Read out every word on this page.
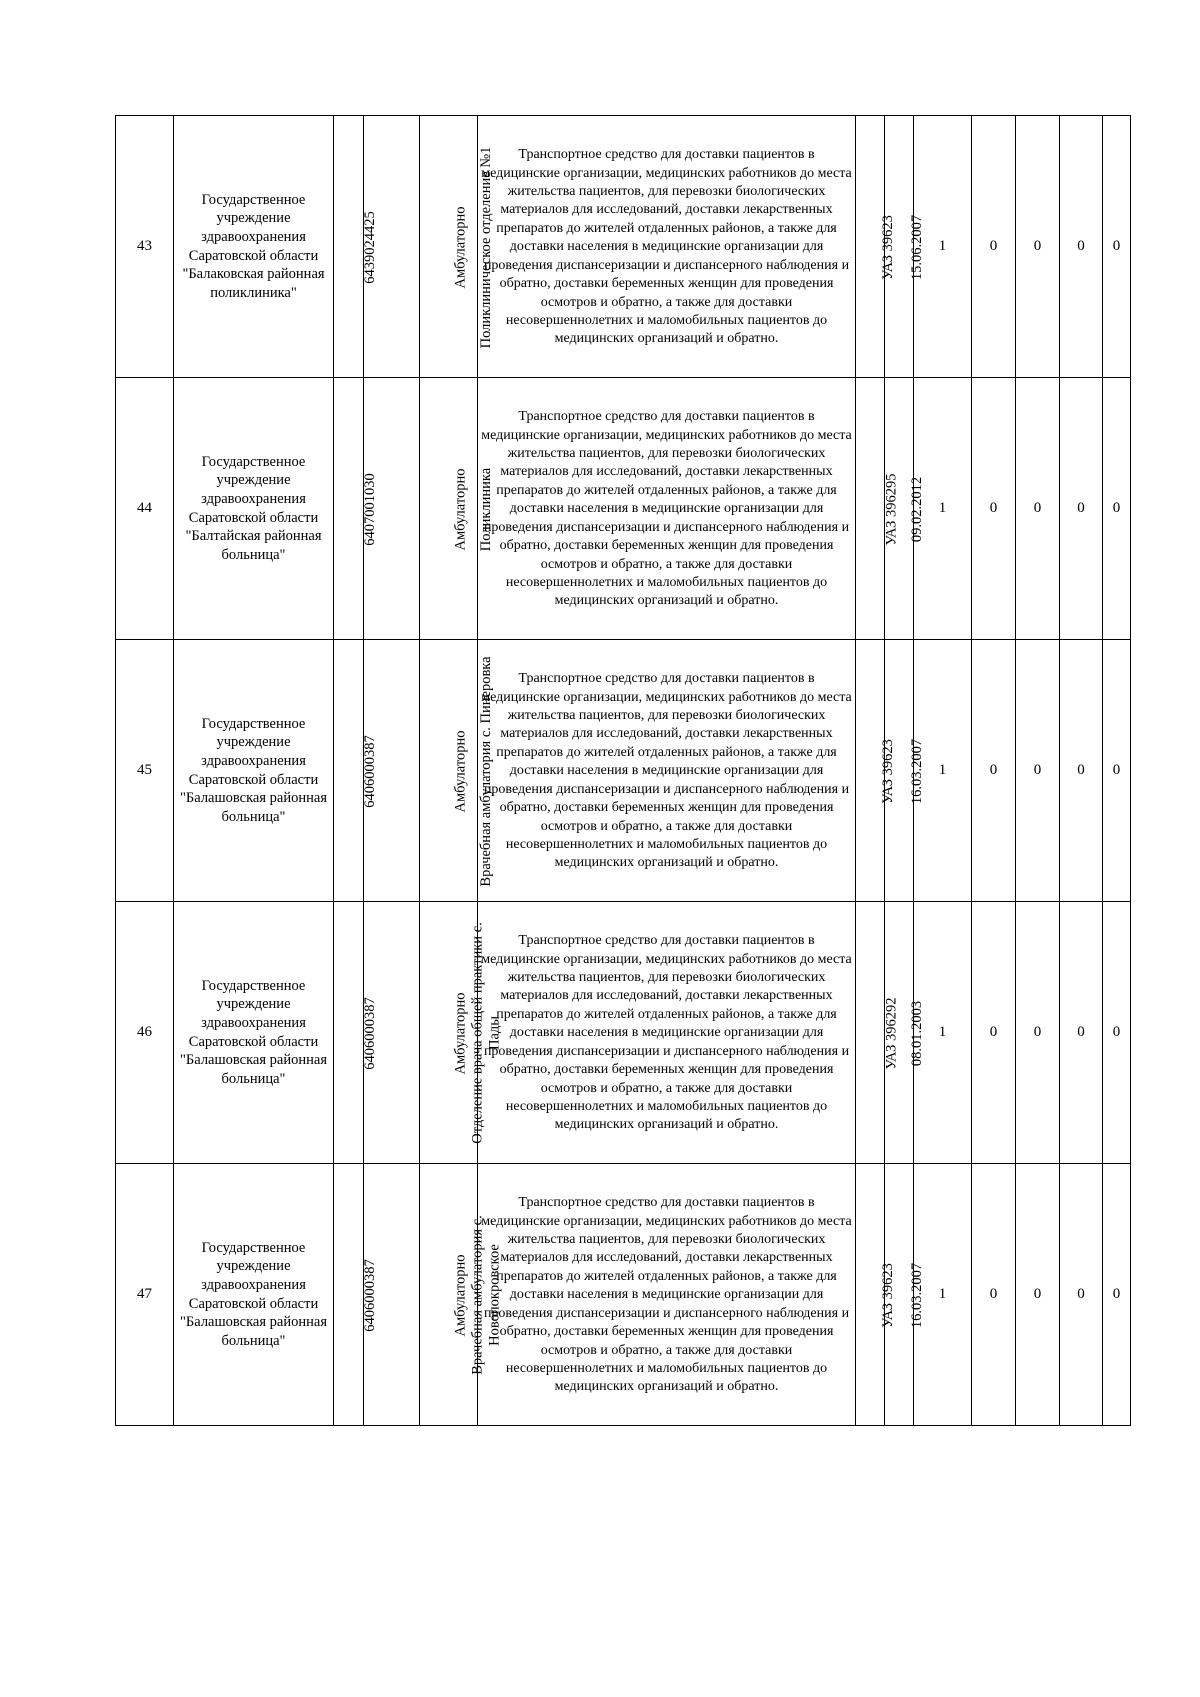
43	Государственное учреждение здравоохранения Саратовской области "Балаковская районная поликлиника"	6439024425	Поликлиническое отделение №1	Амбулаторно	Транспортное средство для доставки пациентов в медицинские организации, медицинских работников до места жительства пациентов, для перевозки биологических материалов для исследований, доставки лекарственных препаратов до жителей отдаленных районов, а также для доставки населения в медицинские организации для проведения диспансеризации и диспансерного наблюдения и обратно, доставки беременных женщин для проведения осмотров и обратно, а также для доставки несовершеннолетних и маломобильных пациентов до медицинских организаций и обратно.	УАЗ 39623	15.06.2007	1	0	0	0	0
44	Государственное учреждение здравоохранения Саратовской области "Балтайская районная больница"	6407001030	Поликлиника	Амбулаторно	Транспортное средство для доставки пациентов в медицинские организации, медицинских работников до места жительства пациентов, для перевозки биологических материалов для исследований, доставки лекарственных препаратов до жителей отдаленных районов, а также для доставки населения в медицинские организации для проведения диспансеризации и диспансерного наблюдения и обратно, доставки беременных женщин для проведения осмотров и обратно, а также для доставки несовершеннолетних и маломобильных пациентов до медицинских организаций и обратно.	УАЗ 396295	09.02.2012	1	0	0	0	0
45	Государственное учреждение здравоохранения Саратовской области "Балашовская районная больница"	6406000387	Врачебная амбулатория с. Пинеровка	Амбулаторно	Транспортное средство для доставки пациентов в медицинские организации, медицинских работников до места жительства пациентов, для перевозки биологических материалов для исследований, доставки лекарственных препаратов до жителей отдаленных районов, а также для доставки населения в медицинские организации для проведения диспансеризации и диспансерного наблюдения и обратно, доставки беременных женщин для проведения осмотров и обратно, а также для доставки несовершеннолетних и маломобильных пациентов до медицинских организаций и обратно.	УАЗ 39623	16.03.2007	1	0	0	0	0
46	Государственное учреждение здравоохранения Саратовской области "Балашовская районная больница"	6406000387	Отделение врача общей практики с. Пады	Амбулаторно	Транспортное средство для доставки пациентов в медицинские организации, медицинских работников до места жительства пациентов, для перевозки биологических материалов для исследований, доставки лекарственных препаратов до жителей отдаленных районов, а также для доставки населения в медицинские организации для проведения диспансеризации и диспансерного наблюдения и обратно, доставки беременных женщин для проведения осмотров и обратно, а также для доставки несовершеннолетних и маломобильных пациентов до медицинских организаций и обратно.	УАЗ 396292	08.01.2003	1	0	0	0	0
47	Государственное учреждение здравоохранения Саратовской области "Балашовская районная больница"	6406000387	Врачебная амбулатория с. Новопокровское	Амбулаторно	Транспортное средство для доставки пациентов в медицинские организации, медицинских работников до места жительства пациентов, для перевозки биологических материалов для исследований, доставки лекарственных препаратов до жителей отдаленных районов, а также для доставки населения в медицинские организации для проведения диспансеризации и диспансерного наблюдения и обратно, доставки беременных женщин для проведения осмотров и обратно, а также для доставки несовершеннолетних и маломобильных пациентов до медицинских организаций и обратно.	УАЗ 39623	16.03.2007	1	0	0	0	0
